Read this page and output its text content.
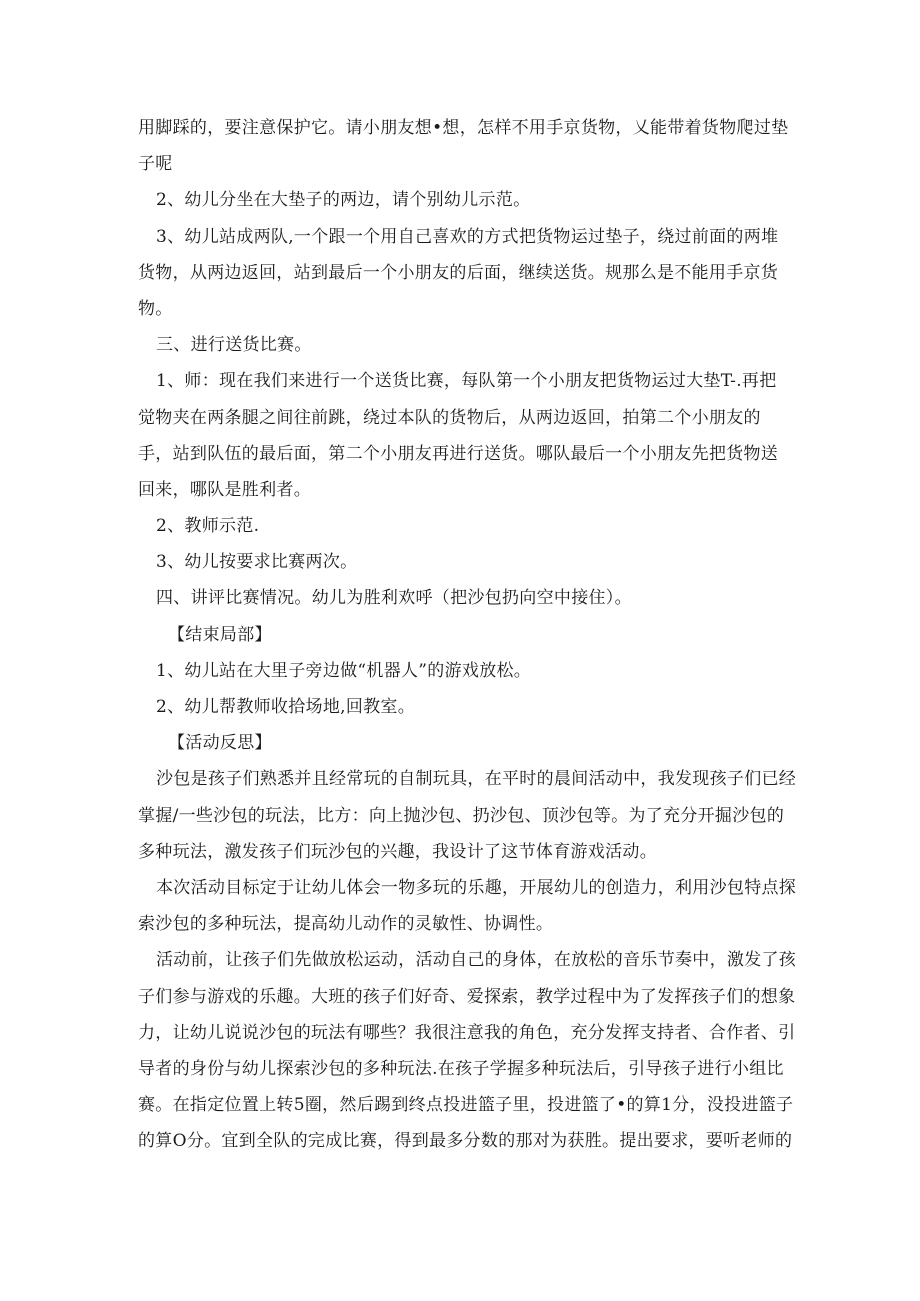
用脚踩的，要注意保护它。请小朋友想•想，怎样不用手京货物，乂能带着货物爬过垫
子呢
2、幼儿分坐在大垫子的两边，请个别幼儿示范。
3、幼儿站成两队,一个跟一个用自己喜欢的方式把货物运过垫子，绕过前面的两堆
货物，从两边返回，站到最后一个小朋友的后面，继续送货。规那么是不能用手京货
物。
三、进行送货比赛。
1、师：现在我们来进行一个送货比赛，每队第一个小朋友把货物运过大垫T-.再把
觉物夹在两条腿之间往前跳，绕过本队的货物后，从两边返回，拍第二个小朋友的
手，站到队伍的最后面，第二个小朋友再进行送货。哪队最后一个小朋友先把货物送
回来，哪队是胜利者。
2、教师示范.
3、幼儿按要求比赛两次。
四、讲评比赛情况。幼儿为胜利欢呼（把沙包扔向空中接住）。
【结束局部】
1、幼儿站在大里子旁边做“机器人”的游戏放松。
2、幼儿帮教师收拾场地,回教室。
【活动反思】
沙包是孩子们熟悉并且经常玩的自制玩具，在平时的晨间活动中，我发现孩子们已经
掌握/一些沙包的玩法，比方：向上抛沙包、扔沙包、顶沙包等。为了充分开掘沙包的
多种玩法，激发孩子们玩沙包的兴趣，我设计了这节体育游戏活动。
本次活动目标定于让幼儿体会一物多玩的乐趣，开展幼儿的创造力，利用沙包特点探
索沙包的多种玩法，提高幼儿动作的灵敏性、协调性。
活动前，让孩子们先做放松运动，活动自己的身体，在放松的音乐节奏中，激发了孩
子们参与游戏的乐趣。大班的孩子们好奇、爱探索，教学过程中为了发挥孩子们的想象
力，让幼儿说说沙包的玩法有哪些？我很注意我的角色，充分发挥支持者、合作者、引
导者的身份与幼儿探索沙包的多种玩法.在孩子学握多种玩法后，引导孩子进行小组比
赛。在指定位置上转5圈，然后踢到终点投进篮子里，投进篮了•的算1分，没投进篮子
的算O分。宜到全队的完成比赛，得到最多分数的那对为获胜。提出要求，要听老师的
